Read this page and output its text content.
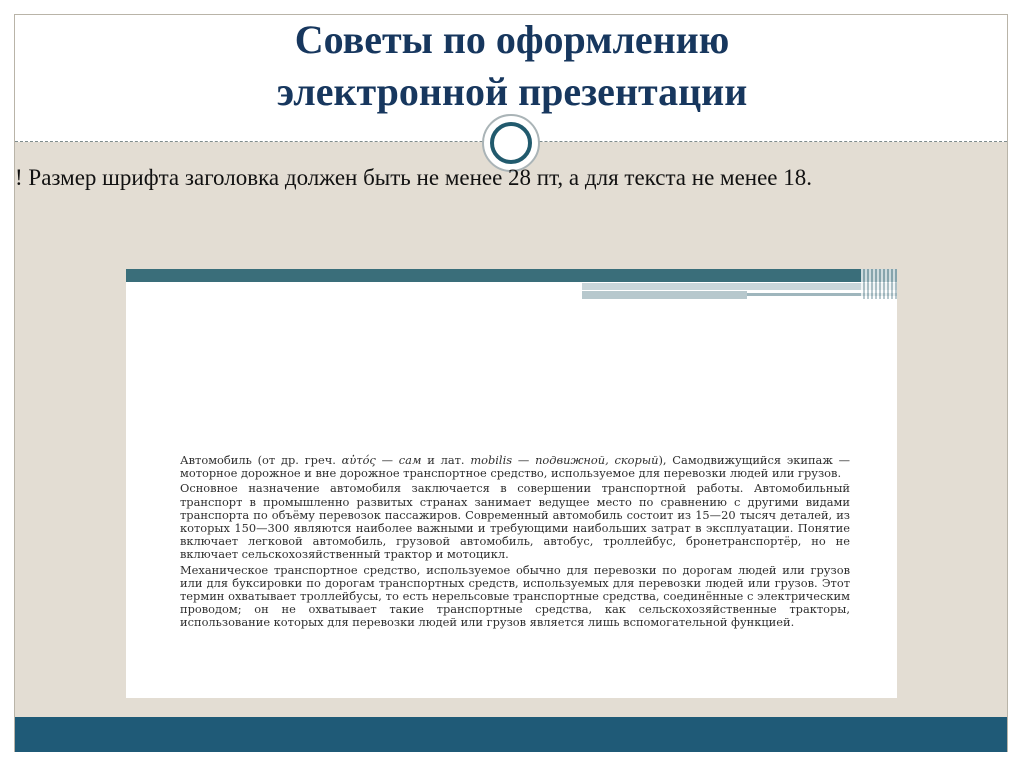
Советы по оформлению
электронной презентации

! Размер шрифта заголовка должен быть не менее 28 пт, а для текста не менее 18.

Автомобиль (от др. греч. αὐτός — сам и лат. mobilis — подвижной, скорый), Самодвижущийся экипаж — моторное дорожное и вне дорожное транспортное средство, используемое для перевозки людей или грузов.

Основное назначение автомобиля заключается в совершении транспортной работы. Автомобильный транспорт в промышленно развитых странах занимает ведущее место по сравнению с другими видами транспорта по объёму перевозок пассажиров. Современный автомобиль состоит из 15—20 тысяч деталей, из которых 150—300 являются наиболее важными и требующими наибольших затрат в эксплуатации. Понятие включает легковой автомобиль, грузовой автомобиль, автобус, троллейбус, бронетранспортёр, но не включает сельскохозяйственный трактор и мотоцикл.

Механическое транспортное средство, используемое обычно для перевозки по дорогам людей или грузов или для буксировки по дорогам транспортных средств, используемых для перевозки людей или грузов. Этот термин охватывает троллейбусы, то есть нерельсовые транспортные средства, соединённые с электрическим проводом; он не охватывает такие транспортные средства, как сельскохозяйственные тракторы, использование которых для перевозки людей или грузов является лишь вспомогательной функцией.
